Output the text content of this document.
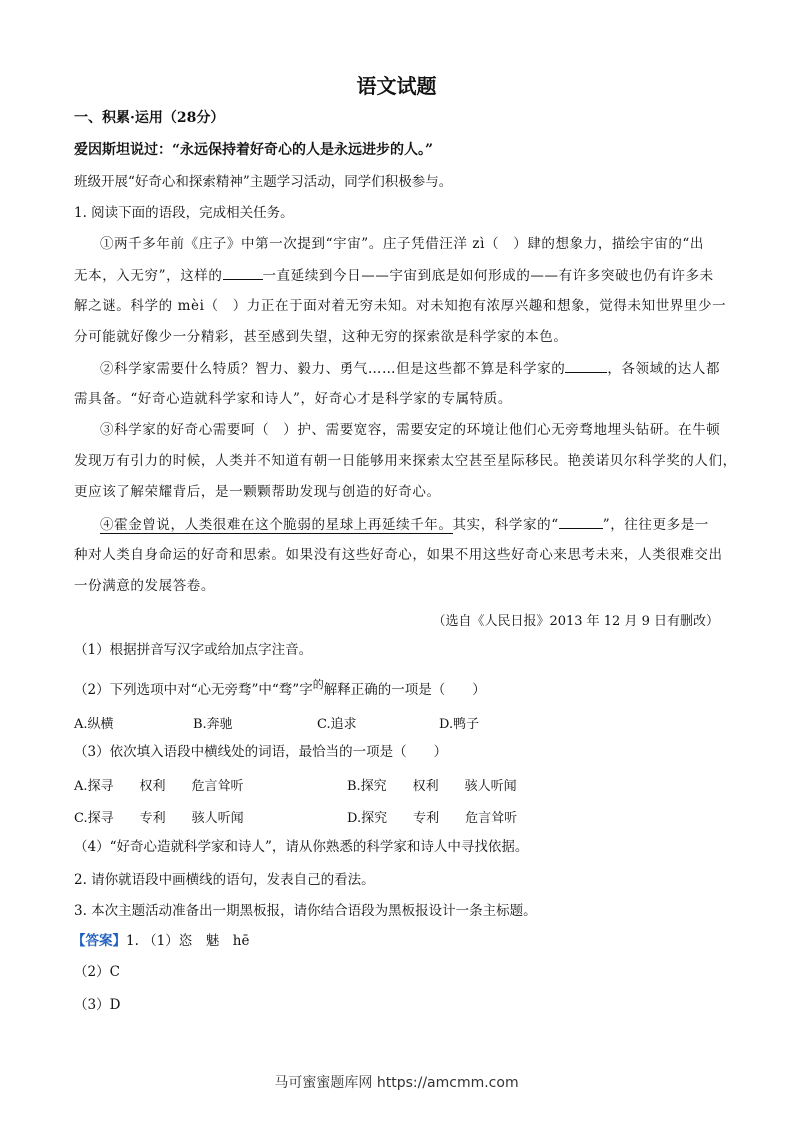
语文试题
一、积累·运用（28分）
爱因斯坦说过：“永远保持着好奇心的人是永远进步的人。”
班级开展“好奇心和探索精神”主题学习活动，同学们积极参与。
1. 阅读下面的语段，完成相关任务。
①两千多年前《庄子》中第一次提到“宇宙”。庄子凭借汪洋 zì（　）肆的想象力，描绘宇宙的“出
无本，入无穷”，这样的	一直延续到今日——宇宙到底是如何形成的——有许多突破也仍有许多未
解之谜。科学的 mèi（　）力正在于面对着无穷未知。对未知抱有浓厚兴趣和想象，觉得未知世界里少一
分可能就好像少一分精彩，甚至感到失望，这种无穷的探索欲是科学家的本色。
②科学家需要什么特质？智力、毅力、勇气……但是这些都不算是科学家的	，各领域的达人都
需具备。“好奇心造就科学家和诗人”，好奇心才是科学家的专属特质。
③科学家的好奇心需要呵（　）护、需要宽容，需要安定的环境让他们心无旁骛地埋头钻研。在牛顿
发现万有引力的时候，人类并不知道有朝一日能够用来探索太空甚至星际移民。艳羡诺贝尔科学奖的人们，
更应该了解荣耀背后，是一颗颗帮助发现与创造的好奇心。
④霍金曾说，人类很难在这个脆弱的星球上再延续千年。其实，科学家的“	”，往往更多是一
种对人类自身命运的好奇和思索。如果没有这些好奇心，如果不用这些好奇心来思考未来，人类很难交出
一份满意的发展答卷。
（选自《人民日报》2013 年 12 月 9 日有删改）
（1）根据拼音写汉字或给加点字注音。
（2）下列选项中对“心无旁骛”中“骛”字$^的$解释正确的一项是（　　）
A.纵横	B.奔驰	C.追求	D.鸭子
（3）依次填入语段中横线处的词语，最恰当的一项是（　　）
A.探寻　　权利　　危言耸听	B.探究　　权利　　骇人听闻
C.探寻　　专利　　骇人听闻	D.探究　　专利　　危言耸听
（4）“好奇心造就科学家和诗人”，请从你熟悉的科学家和诗人中寻找依据。
2. 请你就语段中画横线的语句，发表自己的看法。
3. 本次主题活动准备出一期黑板报，请你结合语段为黑板报设计一条主标题。
【答案】1. （1）恣　魅　hē
（2）C
（3）D
马可蜜蜜题库网 https://amcmm.com
